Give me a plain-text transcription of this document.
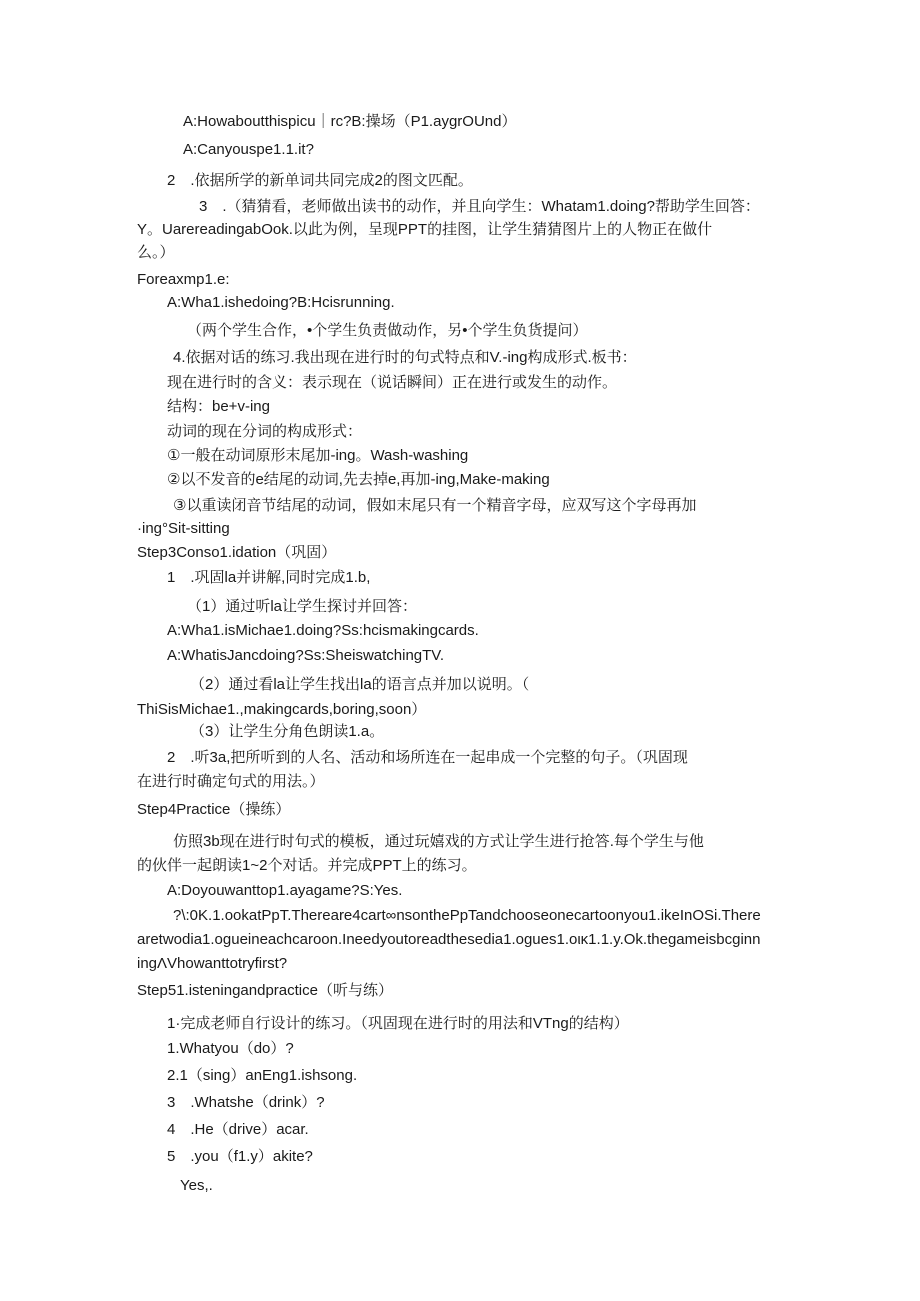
A:Howaboutthispicu｜rc?B:操场（P1.aygrOUnd）
A:Canyouspe1.1.it?
2　.依据所学的新单词共同完成2的图文匹配。
3　.（猜猜看，老师做出读书的动作，并且向学生：Whatam1.doing?帮助学生回答：
Y。UarereadingabOok.以此为例，呈现PPT的挂图，让学生猜猜图片上的人物正在做什
么。）
Foreaxmp1.e:
A:Wha1.ishedoing?B:Hcisrunning.
（两个学生合作，•个学生负责做动作，另•个学生负货提问）
4.依据对话的练习.我出现在进行时的句式特点和V.-ing构成形式.板书：
现在进行时的含义：表示现在（说话瞬间）正在进行或发生的动作。
结构：be+v-ing
动词的现在分词的构成形式：
①一般在动词原形末尾加-ing。Wash-washing
②以不发音的e结尾的动词,先去掉e,再加-ing,Make-making
③以重读闭音节结尾的动词，假如末尾只有一个精音字母，应双写这个字母再加
·ing°Sit-sitting
Step3Conso1.idation（巩固）
1　.巩固la并讲解,同时完成1.b,
（1）通过听la让学生探讨并回答：
A:Wha1.isMichae1.doing?Ss:hcismakingcards.
A:WhatisJancdoing?Ss:SheiswatchingTV.
（2）通过看la让学生找出la的语言点并加以说明。（
ThiSisMichae1.,makingcards,boring,soon）
（3）让学生分角色朗读1.a。
2　.听3a,把所听到的人名、活动和场所连在一起串成一个完整的句子。（巩固现
在进行时确定句式的用法。）
Step4Practice（操练）
仿照3b现在进行时句式的模板，通过玩嬉戏的方式让学生进行抢答.每个学生与他
的伙伴一起朗读1~2个对话。并完成PPT上的练习。
A:Doyouwanttop1.ayagame?S:Yes.
?\:0K.1.ookatPpT.Thereare4cart∞nsonthePpTandchooseonecartoonyou1.ikeInOSi.There
aretwodia1.ogueineachcaroon.Ineedyoutoreadthesedia1.ogues1.oικ1.1.y.Ok.thegameisbcginn
ingΛVhowanttotryfirst?
Step51.isteningandpractice（听与练）
1·完成老师自行设计的练习。（巩固现在进行时的用法和VTng的结构）
1.Whatyou（do）?
2.1（sing）anEng1.ishsong.
3　.Whatshe（drink）?
4　.He（drive）acar.
5　.you（f1.y）akite?
Yes,.
